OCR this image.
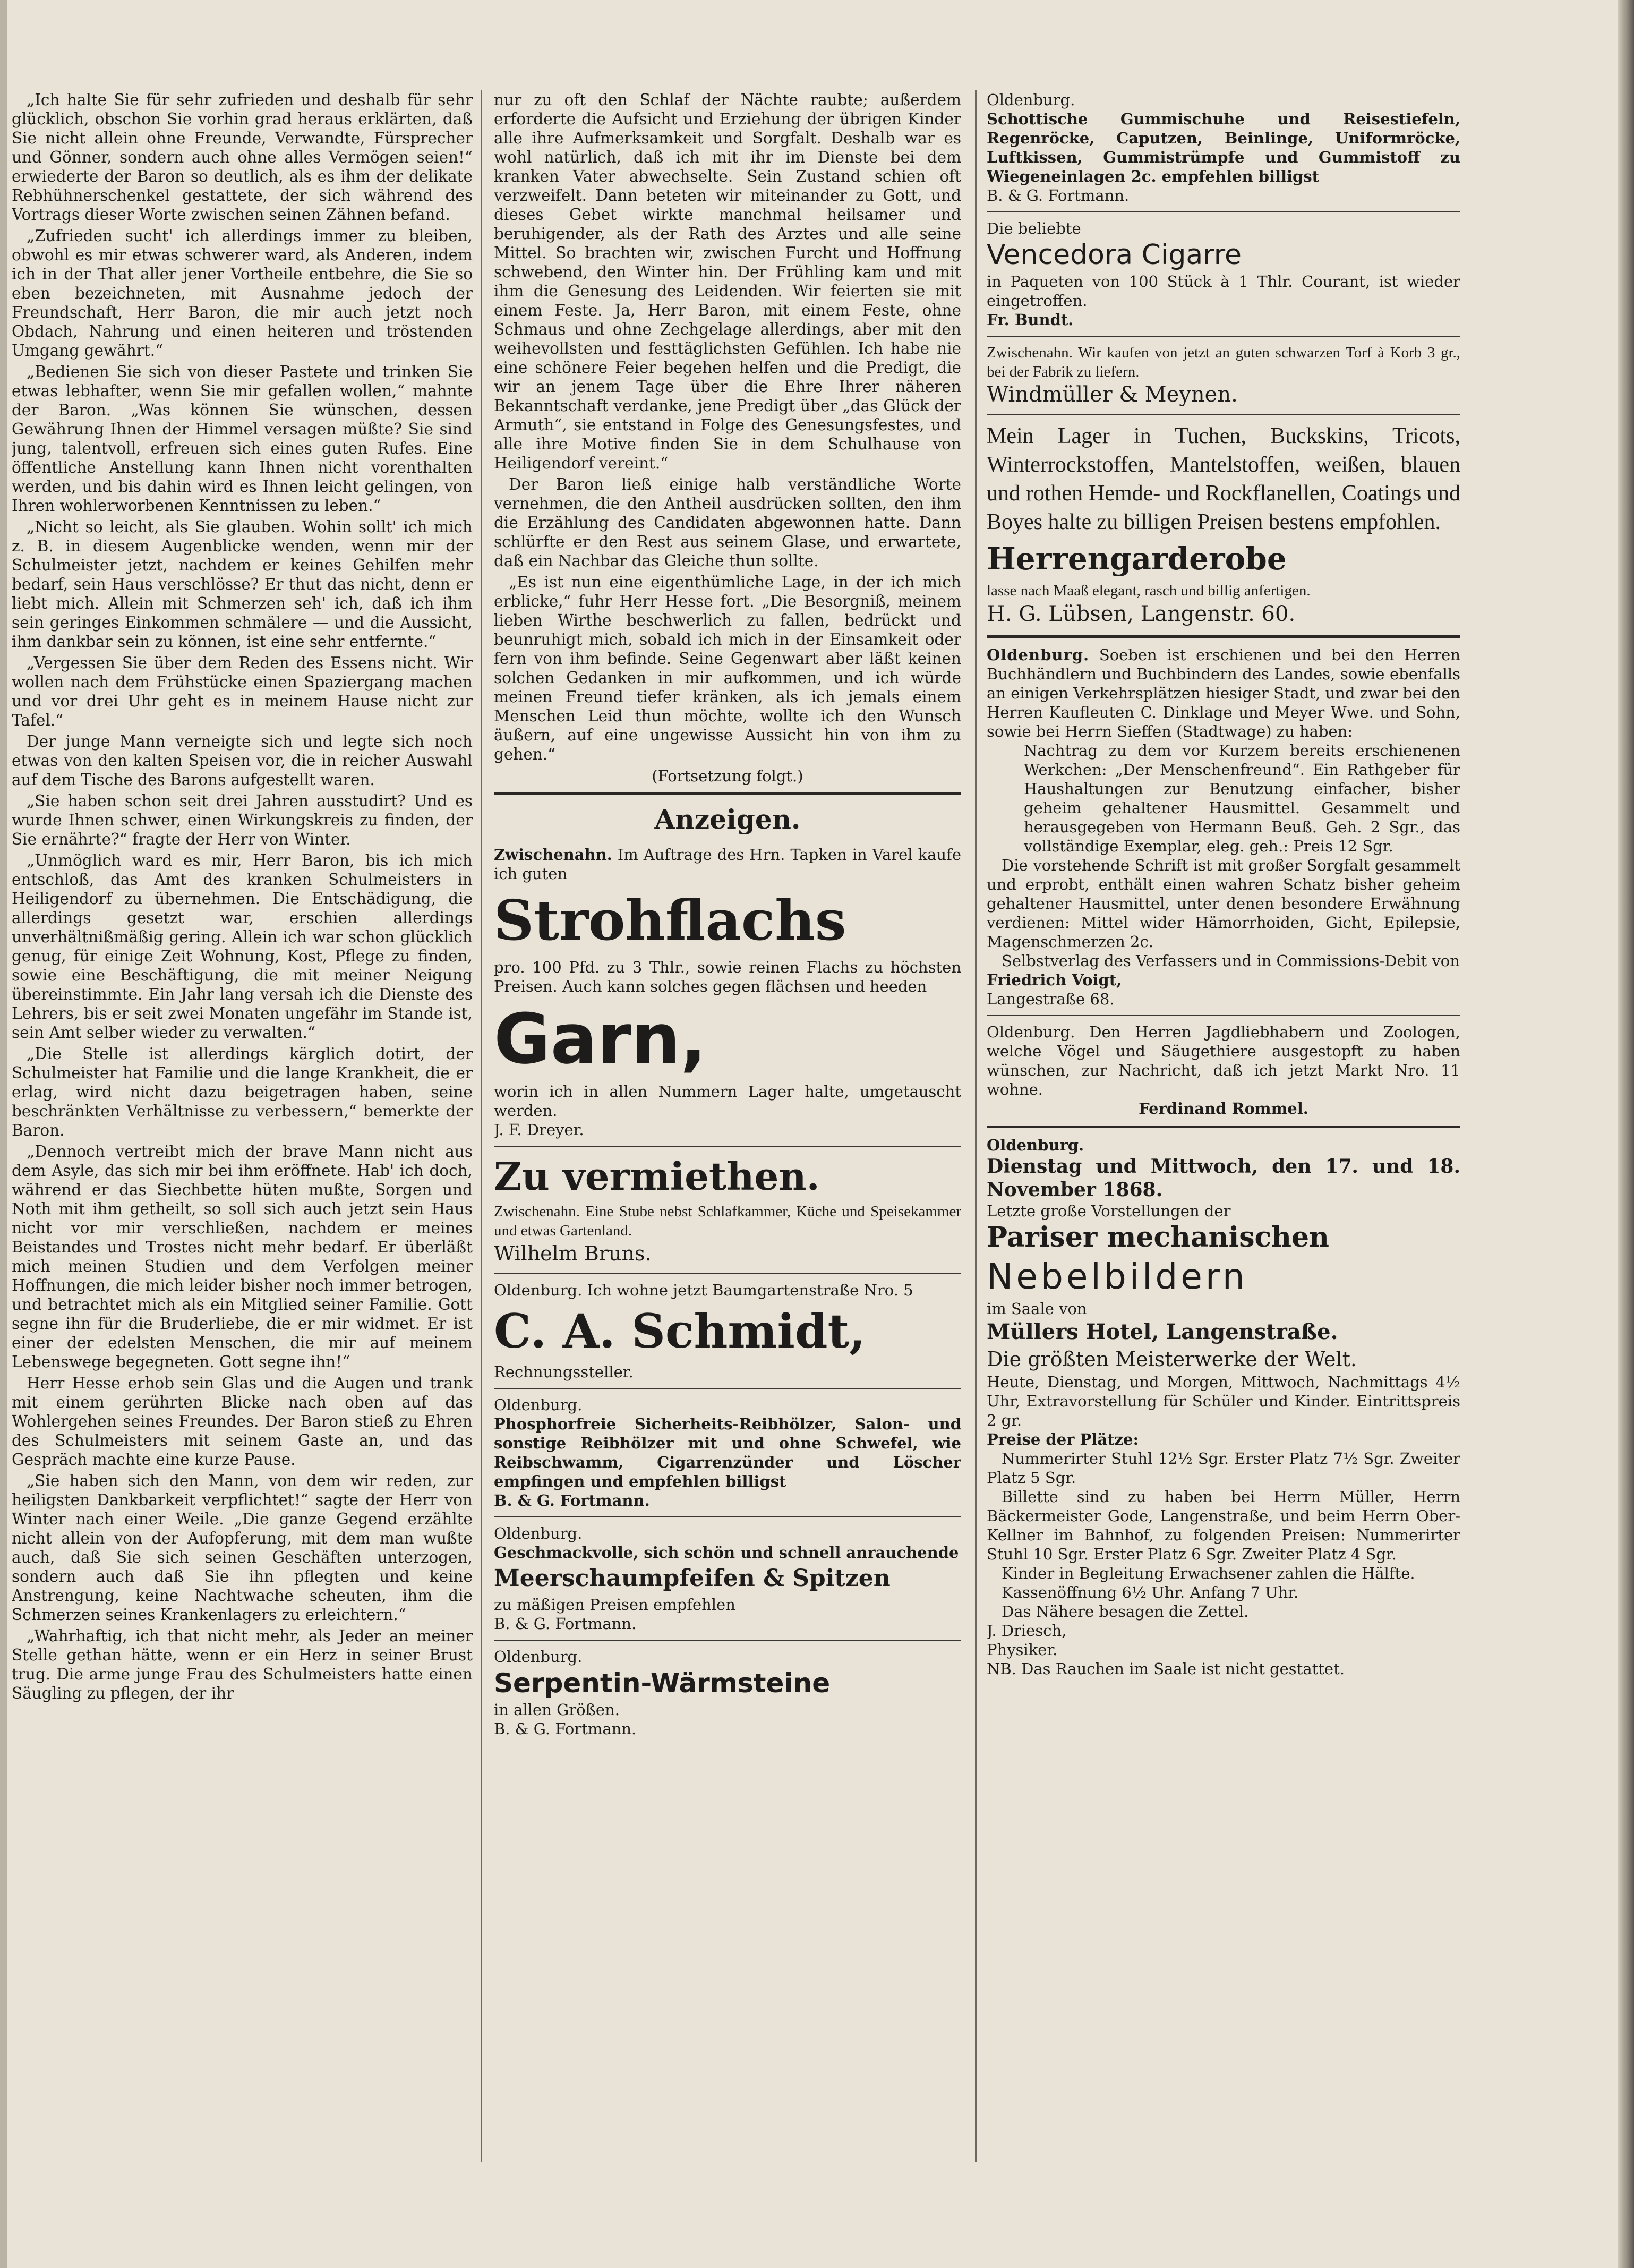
„Ich halte Sie für sehr zufrieden und deshalb für sehr glücklich, obschon Sie vorhin grad heraus erklärten, daß Sie nicht allein ohne Freunde, Verwandte, Fürsprecher und Gönner, sondern auch ohne alles Vermögen seien!“ erwiederte der Baron so deutlich, als es ihm der delikate Rebhühnerschenkel gestattete, der sich während des Vortrags dieser Worte zwischen seinen Zähnen befand.

„Zufrieden sucht' ich allerdings immer zu bleiben, obwohl es mir etwas schwerer ward, als Anderen, indem ich in der That aller jener Vortheile entbehre, die Sie so eben bezeichneten, mit Ausnahme jedoch der Freundschaft, Herr Baron, die mir auch jetzt noch Obdach, Nahrung und einen heiteren und tröstenden Umgang gewährt.“

„Bedienen Sie sich von dieser Pastete und trinken Sie etwas lebhafter, wenn Sie mir gefallen wollen,“ mahnte der Baron. „Was können Sie wünschen, dessen Gewährung Ihnen der Himmel versagen müßte? Sie sind jung, talentvoll, erfreuen sich eines guten Rufes. Eine öffentliche Anstellung kann Ihnen nicht vorenthalten werden, und bis dahin wird es Ihnen leicht gelingen, von Ihren wohlerworbenen Kenntnissen zu leben.“

„Nicht so leicht, als Sie glauben. Wohin sollt' ich mich z. B. in diesem Augenblicke wenden, wenn mir der Schulmeister jetzt, nachdem er keines Gehilfen mehr bedarf, sein Haus verschlösse? Er thut das nicht, denn er liebt mich. Allein mit Schmerzen seh' ich, daß ich ihm sein geringes Einkommen schmälere — und die Aussicht, ihm dankbar sein zu können, ist eine sehr entfernte.“

„Vergessen Sie über dem Reden des Essens nicht. Wir wollen nach dem Frühstücke einen Spaziergang machen und vor drei Uhr geht es in meinem Hause nicht zur Tafel.“

Der junge Mann verneigte sich und legte sich noch etwas von den kalten Speisen vor, die in reicher Auswahl auf dem Tische des Barons aufgestellt waren.

„Sie haben schon seit drei Jahren ausstudirt? Und es wurde Ihnen schwer, einen Wirkungskreis zu finden, der Sie ernährte?“ fragte der Herr von Winter.

„Unmöglich ward es mir, Herr Baron, bis ich mich entschloß, das Amt des kranken Schulmeisters in Heiligendorf zu übernehmen. Die Entschädigung, die allerdings gesetzt war, erschien allerdings unverhältnißmäßig gering. Allein ich war schon glücklich genug, für einige Zeit Wohnung, Kost, Pflege zu finden, sowie eine Beschäftigung, die mit meiner Neigung übereinstimmte. Ein Jahr lang versah ich die Dienste des Lehrers, bis er seit zwei Monaten ungefähr im Stande ist, sein Amt selber wieder zu verwalten.“

„Die Stelle ist allerdings kärglich dotirt, der Schulmeister hat Familie und die lange Krankheit, die er erlag, wird nicht dazu beigetragen haben, seine beschränkten Verhältnisse zu verbessern,“ bemerkte der Baron.

„Dennoch vertreibt mich der brave Mann nicht aus dem Asyle, das sich mir bei ihm eröffnete. Hab' ich doch, während er das Siechbette hüten mußte, Sorgen und Noth mit ihm getheilt, so soll sich auch jetzt sein Haus nicht vor mir verschließen, nachdem er meines Beistandes und Trostes nicht mehr bedarf. Er überläßt mich meinen Studien und dem Verfolgen meiner Hoffnungen, die mich leider bisher noch immer betrogen, und betrachtet mich als ein Mitglied seiner Familie. Gott segne ihn für die Bruderliebe, die er mir widmet. Er ist einer der edelsten Menschen, die mir auf meinem Lebenswege begegneten. Gott segne ihn!“

Herr Hesse erhob sein Glas und die Augen und trank mit einem gerührten Blicke nach oben auf das Wohlergehen seines Freundes. Der Baron stieß zu Ehren des Schulmeisters mit seinem Gaste an, und das Gespräch machte eine kurze Pause.

„Sie haben sich den Mann, von dem wir reden, zur heiligsten Dankbarkeit verpflichtet!“ sagte der Herr von Winter nach einer Weile. „Die ganze Gegend erzählte nicht allein von der Aufopferung, mit dem man wußte auch, daß Sie sich seinen Geschäften unterzogen, sondern auch daß Sie ihn pflegten und keine Anstrengung, keine Nachtwache scheuten, ihm die Schmerzen seines Krankenlagers zu erleichtern.“

„Wahrhaftig, ich that nicht mehr, als Jeder an meiner Stelle gethan hätte, wenn er ein Herz in seiner Brust trug. Die arme junge Frau des Schulmeisters hatte einen Säugling zu pflegen, der ihr

nur zu oft den Schlaf der Nächte raubte; außerdem erforderte die Aufsicht und Erziehung der übrigen Kinder alle ihre Aufmerksamkeit und Sorgfalt. Deshalb war es wohl natürlich, daß ich mit ihr im Dienste bei dem kranken Vater abwechselte. Sein Zustand schien oft verzweifelt. Dann beteten wir miteinander zu Gott, und dieses Gebet wirkte manchmal heilsamer und beruhigender, als der Rath des Arztes und alle seine Mittel. So brachten wir, zwischen Furcht und Hoffnung schwebend, den Winter hin. Der Frühling kam und mit ihm die Genesung des Leidenden. Wir feierten sie mit einem Feste. Ja, Herr Baron, mit einem Feste, ohne Schmaus und ohne Zechgelage allerdings, aber mit den weihevollsten und festtäglichsten Gefühlen. Ich habe nie eine schönere Feier begehen helfen und die Predigt, die wir an jenem Tage über die Ehre Ihrer näheren Bekanntschaft verdanke, jene Predigt über „das Glück der Armuth“, sie entstand in Folge des Genesungsfestes, und alle ihre Motive finden Sie in dem Schulhause von Heiligendorf vereint.“

Der Baron ließ einige halb verständliche Worte vernehmen, die den Antheil ausdrücken sollten, den ihm die Erzählung des Candidaten abgewonnen hatte. Dann schlürfte er den Rest aus seinem Glase, und erwartete, daß ein Nachbar das Gleiche thun sollte.

„Es ist nun eine eigenthümliche Lage, in der ich mich erblicke,“ fuhr Herr Hesse fort. „Die Besorgniß, meinem lieben Wirthe beschwerlich zu fallen, bedrückt und beunruhigt mich, sobald ich mich in der Einsamkeit oder fern von ihm befinde. Seine Gegenwart aber läßt keinen solchen Gedanken in mir aufkommen, und ich würde meinen Freund tiefer kränken, als ich jemals einem Menschen Leid thun möchte, wollte ich den Wunsch äußern, auf eine ungewisse Aussicht hin von ihm zu gehen.“

(Fortsetzung folgt.)

Anzeigen.

Zwischenahn. Im Auftrage des Hrn. Tapken in Varel kaufe ich guten

Strohflachs

pro. 100 Pfd. zu 3 Thlr., sowie reinen Flachs zu höchsten Preisen. Auch kann solches gegen flächsen und heeden

Garn,

worin ich in allen Nummern Lager halte, umgetauscht werden.

J. F. Dreyer.

Zu vermiethen.

Zwischenahn. Eine Stube nebst Schlafkammer, Küche und Speisekammer und etwas Gartenland.

Wilhelm Bruns.

Oldenburg. Ich wohne jetzt Baumgartenstraße Nro. 5

C. A. Schmidt,

Rechnungssteller.

Oldenburg.

Phosphorfreie Sicherheits-Reibhölzer, Salon- und sonstige Reibhölzer mit und ohne Schwefel, wie Reibschwamm, Cigarrenzünder und Löscher empfingen und empfehlen billigst

B. & G. Fortmann.

Oldenburg.

Geschmackvolle, sich schön und schnell anrauchende

Meerschaumpfeifen & Spitzen

zu mäßigen Preisen empfehlen

B. & G. Fortmann.

Oldenburg.

Serpentin-Wärmsteine

in allen Größen.

B. & G. Fortmann.

Oldenburg.

Schottische Gummischuhe und Reisestiefeln, Regenröcke, Caputzen, Beinlinge, Uniformröcke, Luftkissen, Gummistrümpfe und Gummistoff zu Wiegeneinlagen 2c. empfehlen billigst

B. & G. Fortmann.

Die beliebte

Vencedora Cigarre

in Paqueten von 100 Stück à 1 Thlr. Courant, ist wieder eingetroffen.

Fr. Bundt.

Zwischenahn. Wir kaufen von jetzt an guten schwarzen Torf à Korb 3 gr., bei der Fabrik zu liefern.

Windmüller & Meynen.

Mein Lager in Tuchen, Buckskins, Tricots, Winterrockstoffen, Mantelstoffen, weißen, blauen und rothen Hemde- und Rockflanellen, Coatings und Boyes halte zu billigen Preisen bestens empfohlen.

Herrengarderobe

lasse nach Maaß elegant, rasch und billig anfertigen.

H. G. Lübsen, Langenstr. 60.

Oldenburg. Soeben ist erschienen und bei den Herren Buchhändlern und Buchbindern des Landes, sowie ebenfalls an einigen Verkehrsplätzen hiesiger Stadt, und zwar bei den Herren Kaufleuten C. Dinklage und Meyer Wwe. und Sohn, sowie bei Herrn Sieffen (Stadtwage) zu haben:

Nachtrag zu dem vor Kurzem bereits erschienenen Werkchen: „Der Menschenfreund“. Ein Rathgeber für Haushaltungen zur Benutzung einfacher, bisher geheim gehaltener Hausmittel. Gesammelt und herausgegeben von Hermann Beuß. Geh. 2 Sgr., das vollständige Exemplar, eleg. geh.: Preis 12 Sgr.

Die vorstehende Schrift ist mit großer Sorgfalt gesammelt und erprobt, enthält einen wahren Schatz bisher geheim gehaltener Hausmittel, unter denen besondere Erwähnung verdienen: Mittel wider Hämorrhoiden, Gicht, Epilepsie, Magenschmerzen 2c.

Selbstverlag des Verfassers und in Commissions-Debit von

Friedrich Voigt,

Langestraße 68.

Oldenburg. Den Herren Jagdliebhabern und Zoologen, welche Vögel und Säugethiere ausgestopft zu haben wünschen, zur Nachricht, daß ich jetzt Markt Nro. 11 wohne.

Ferdinand Rommel.

Oldenburg.

Dienstag und Mittwoch, den 17. und 18. November 1868.

Letzte große Vorstellungen der

Pariser mechanischen

Nebelbildern

im Saale von

Müllers Hotel, Langenstraße.

Die größten Meisterwerke der Welt.

Heute, Dienstag, und Morgen, Mittwoch, Nachmittags 4½ Uhr, Extravorstellung für Schüler und Kinder. Eintrittspreis 2 gr.

Preise der Plätze:

Nummerirter Stuhl 12½ Sgr. Erster Platz 7½ Sgr. Zweiter Platz 5 Sgr.

Billette sind zu haben bei Herrn Müller, Herrn Bäckermeister Gode, Langenstraße, und beim Herrn Ober-Kellner im Bahnhof, zu folgenden Preisen: Nummerirter Stuhl 10 Sgr. Erster Platz 6 Sgr. Zweiter Platz 4 Sgr.

Kinder in Begleitung Erwachsener zahlen die Hälfte.

Kassenöffnung 6½ Uhr. Anfang 7 Uhr.

Das Nähere besagen die Zettel.

J. Driesch,

Physiker.

NB. Das Rauchen im Saale ist nicht gestattet.
